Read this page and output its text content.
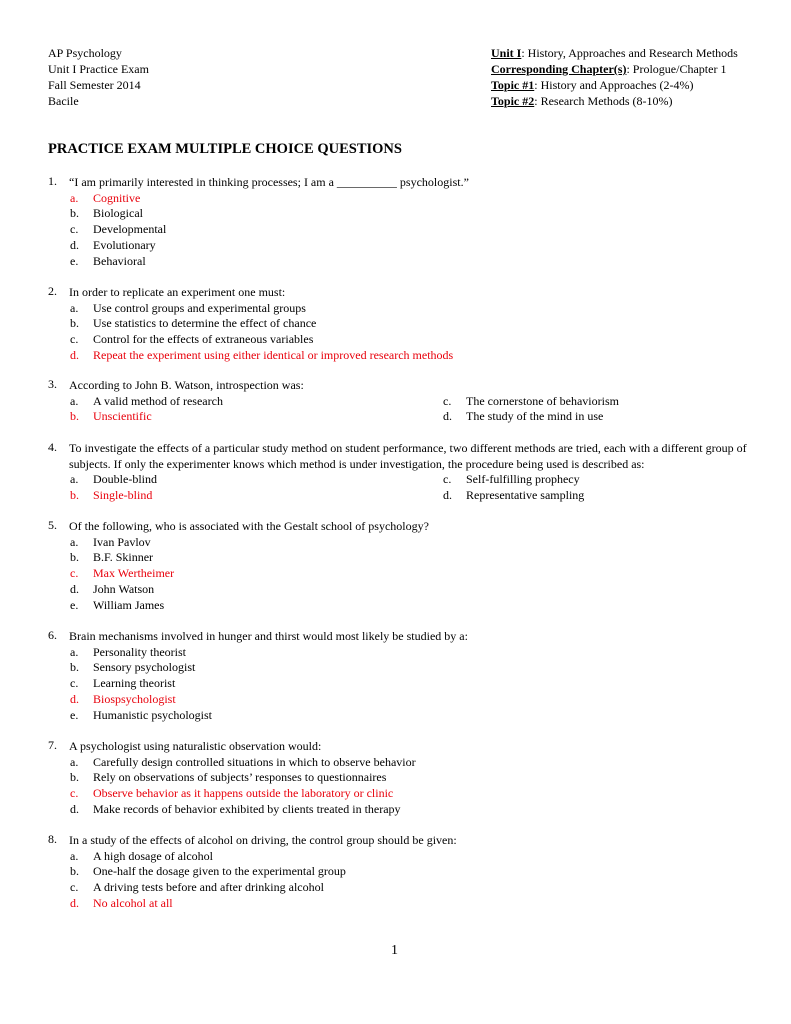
AP Psychology
Unit I Practice Exam
Fall Semester 2014
Bacile
Unit I: History, Approaches and Research Methods
Corresponding Chapter(s): Prologue/Chapter 1
Topic #1: History and Approaches (2-4%)
Topic #2: Research Methods (8-10%)
PRACTICE EXAM MULTIPLE CHOICE QUESTIONS
1. “I am primarily interested in thinking processes; I am a __________ psychologist.”
a. Cognitive
b. Biological
c. Developmental
d. Evolutionary
e. Behavioral
2. In order to replicate an experiment one must:
a. Use control groups and experimental groups
b. Use statistics to determine the effect of chance
c. Control for the effects of extraneous variables
d. Repeat the experiment using either identical or improved research methods
3. According to John B. Watson, introspection was:
a. A valid method of research
b. Unscientific
c. The cornerstone of behaviorism
d. The study of the mind in use
4. To investigate the effects of a particular study method on student performance, two different methods are tried, each with a different group of subjects. If only the experimenter knows which method is under investigation, the procedure being used is described as:
a. Double-blind
b. Single-blind
c. Self-fulfilling prophecy
d. Representative sampling
5. Of the following, who is associated with the Gestalt school of psychology?
a. Ivan Pavlov
b. B.F. Skinner
c. Max Wertheimer
d. John Watson
e. William James
6. Brain mechanisms involved in hunger and thirst would most likely be studied by a:
a. Personality theorist
b. Sensory psychologist
c. Learning theorist
d. Biospsychologist
e. Humanistic psychologist
7. A psychologist using naturalistic observation would:
a. Carefully design controlled situations in which to observe behavior
b. Rely on observations of subjects’ responses to questionnaires
c. Observe behavior as it happens outside the laboratory or clinic
d. Make records of behavior exhibited by clients treated in therapy
8. In a study of the effects of alcohol on driving, the control group should be given:
a. A high dosage of alcohol
b. One-half the dosage given to the experimental group
c. A driving tests before and after drinking alcohol
d. No alcohol at all
1
